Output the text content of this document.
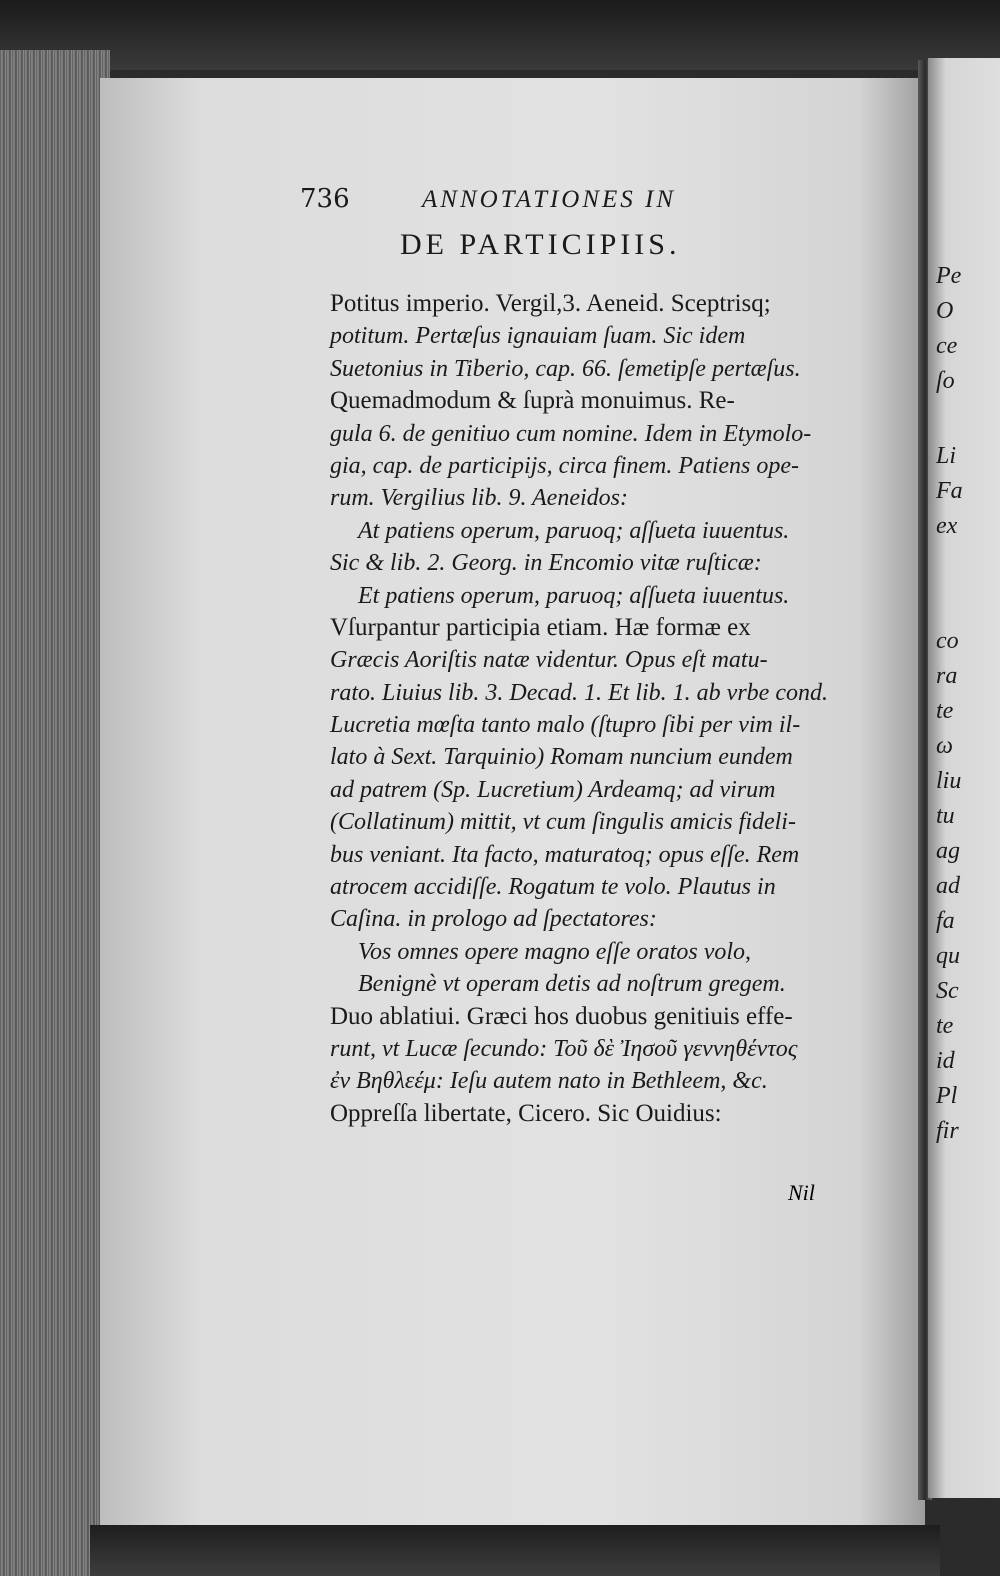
736	ANNOTATIONES IN
DE PARTICIPIIS.
Potitus imperio. Vergil,3. Aeneid. Sceptrisq;
potitum. Pertæſus ignauiam ſuam. Sic idem
Suetonius in Tiberio, cap. 66. ſemetipſe pertæſus.
Quemadmodum & ſuprà monuimus. Re-
gula 6. de genitiuo cum nomine. Idem in Etymolo-
gia, cap. de participijs, circa finem. Patiens ope-
rum. Vergilius lib. 9. Aeneidos:
At patiens operum, paruoq; aſſueta iuuentus.
Sic & lib. 2. Georg. in Encomio vitæ ruſticæ:
Et patiens operum, paruoq; aſſueta iuuentus.
Vſurpantur participia etiam. Hæ formæ ex
Græcis Aoriſtis natæ videntur. Opus eſt matu-
rato. Liuius lib. 3. Decad. 1. Et lib. 1. ab vrbe cond.
Lucretia mœſta tanto malo (ſtupro ſibi per vim il-
lato à Sext. Tarquinio) Romam nuncium eundem
ad patrem (Sp. Lucretium) Ardeamq; ad virum
(Collatinum) mittit, vt cum ſingulis amicis fideli-
bus veniant. Ita facto, maturatoq; opus eſſe. Rem
atrocem accidiſſe. Rogatum te volo. Plautus in
Caſina. in prologo ad ſpectatores:
Vos omnes opere magno eſſe oratos volo,
Benignè vt operam detis ad noſtrum gregem.
Duo ablatiui. Græci hos duobus genitiuis effe-
runt, vt Lucæ ſecundo: Τοῦ δὲ Ἰησοῦ γεννηθέντος
ἐν Βηθλεέμ: Ieſu autem nato in Bethleem, &c.
Oppreſſa libertate, Cicero. Sic Ouidius:
Nil
Pe
O
ce
ſo
Li
Fa
ex
co
ra
te
ω
liu
tu
ag
ad
fa
qu
Sc
te
id
Pl
fir
